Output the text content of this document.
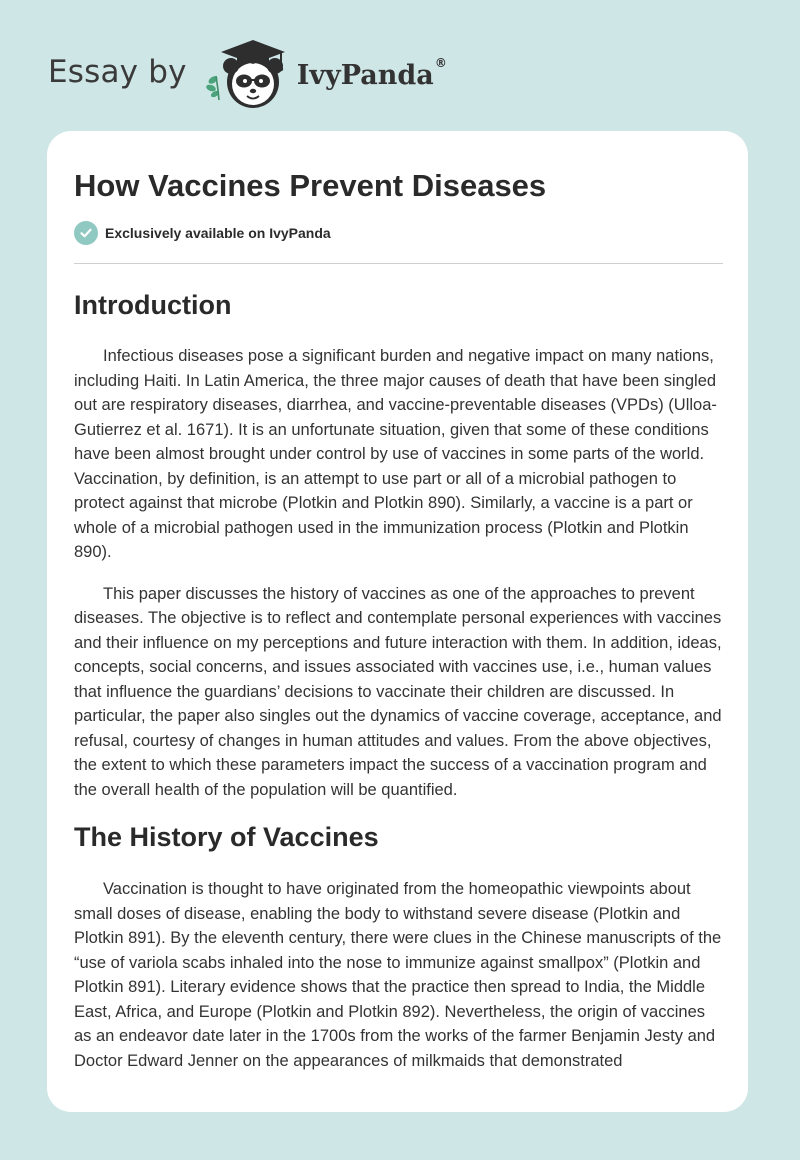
Essay by	IvyPanda®
How Vaccines Prevent Diseases
Exclusively available on IvyPanda
Introduction

Infectious diseases pose a significant burden and negative impact on many nations, including Haiti. In Latin America, the three major causes of death that have been singled out are respiratory diseases, diarrhea, and vaccine-preventable diseases (VPDs) (Ulloa-Gutierrez et al. 1671). It is an unfortunate situation, given that some of these conditions have been almost brought under control by use of vaccines in some parts of the world. Vaccination, by definition, is an attempt to use part or all of a microbial pathogen to protect against that microbe (Plotkin and Plotkin 890). Similarly, a vaccine is a part or whole of a microbial pathogen used in the immunization process (Plotkin and Plotkin 890).

This paper discusses the history of vaccines as one of the approaches to prevent diseases. The objective is to reflect and contemplate personal experiences with vaccines and their influence on my perceptions and future interaction with them. In addition, ideas, concepts, social concerns, and issues associated with vaccines use, i.e., human values that influence the guardians’ decisions to vaccinate their children are discussed. In particular, the paper also singles out the dynamics of vaccine coverage, acceptance, and refusal, courtesy of changes in human attitudes and values. From the above objectives, the extent to which these parameters impact the success of a vaccination program and the overall health of the population will be quantified.

The History of Vaccines

Vaccination is thought to have originated from the homeopathic viewpoints about small doses of disease, enabling the body to withstand severe disease (Plotkin and Plotkin 891). By the eleventh century, there were clues in the Chinese manuscripts of the “use of variola scabs inhaled into the nose to immunize against smallpox” (Plotkin and Plotkin 891). Literary evidence shows that the practice then spread to India, the Middle East, Africa, and Europe (Plotkin and Plotkin 892). Nevertheless, the origin of vaccines as an endeavor date later in the 1700s from the works of the farmer Benjamin Jesty and Doctor Edward Jenner on the appearances of milkmaids that demonstrated
